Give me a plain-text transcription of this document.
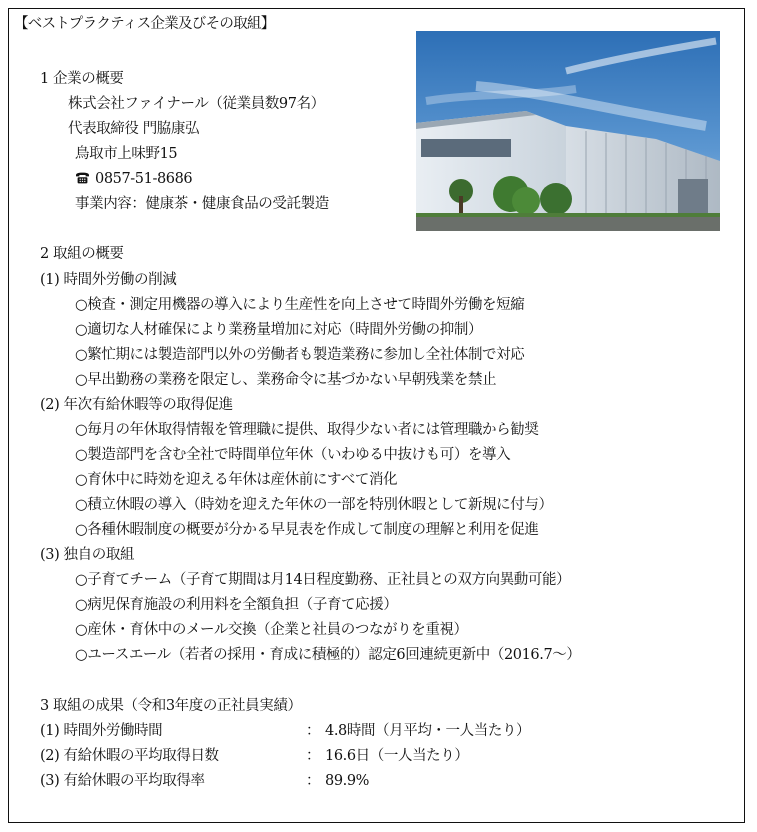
【ベストプラクティス企業及びその取組】
1 企業の概要
株式会社ファイナール（従業員数97名）
代表取締役 門脇康弘
鳥取市上味野15
0857-51-8686
事業内容：健康茶・健康食品の受託製造
2 取組の概要
(1) 時間外労働の削減
○検査・測定用機器の導入により生産性を向上させて時間外労働を短縮
○適切な人材確保により業務量増加に対応（時間外労働の抑制）
○繁忙期には製造部門以外の労働者も製造業務に参加し全社体制で対応
○早出勤務の業務を限定し、業務命令に基づかない早朝残業を禁止
(2) 年次有給休暇等の取得促進
○毎月の年休取得情報を管理職に提供、取得少ない者には管理職から勧奨
○製造部門を含む全社で時間単位年休（いわゆる中抜けも可）を導入
○育休中に時効を迎える年休は産休前にすべて消化
○積立休暇の導入（時効を迎えた年休の一部を特別休暇として新規に付与）
○各種休暇制度の概要が分かる早見表を作成して制度の理解と利用を促進
(3) 独自の取組
○子育てチーム（子育て期間は月14日程度勤務、正社員との双方向異動可能）
○病児保育施設の利用料を全額負担（子育て応援）
○産休・育休中のメール交換（企業と社員のつながりを重視）
○ユースエール（若者の採用・育成に積極的）認定6回連続更新中（2016.7～）
3 取組の成果（令和3年度の正社員実績）
(1) 時間外労働時間	： 4.8時間（月平均・一人当たり）
(2) 有給休暇の平均取得日数	： 16.6日（一人当たり）
(3) 有給休暇の平均取得率	： 89.9%
